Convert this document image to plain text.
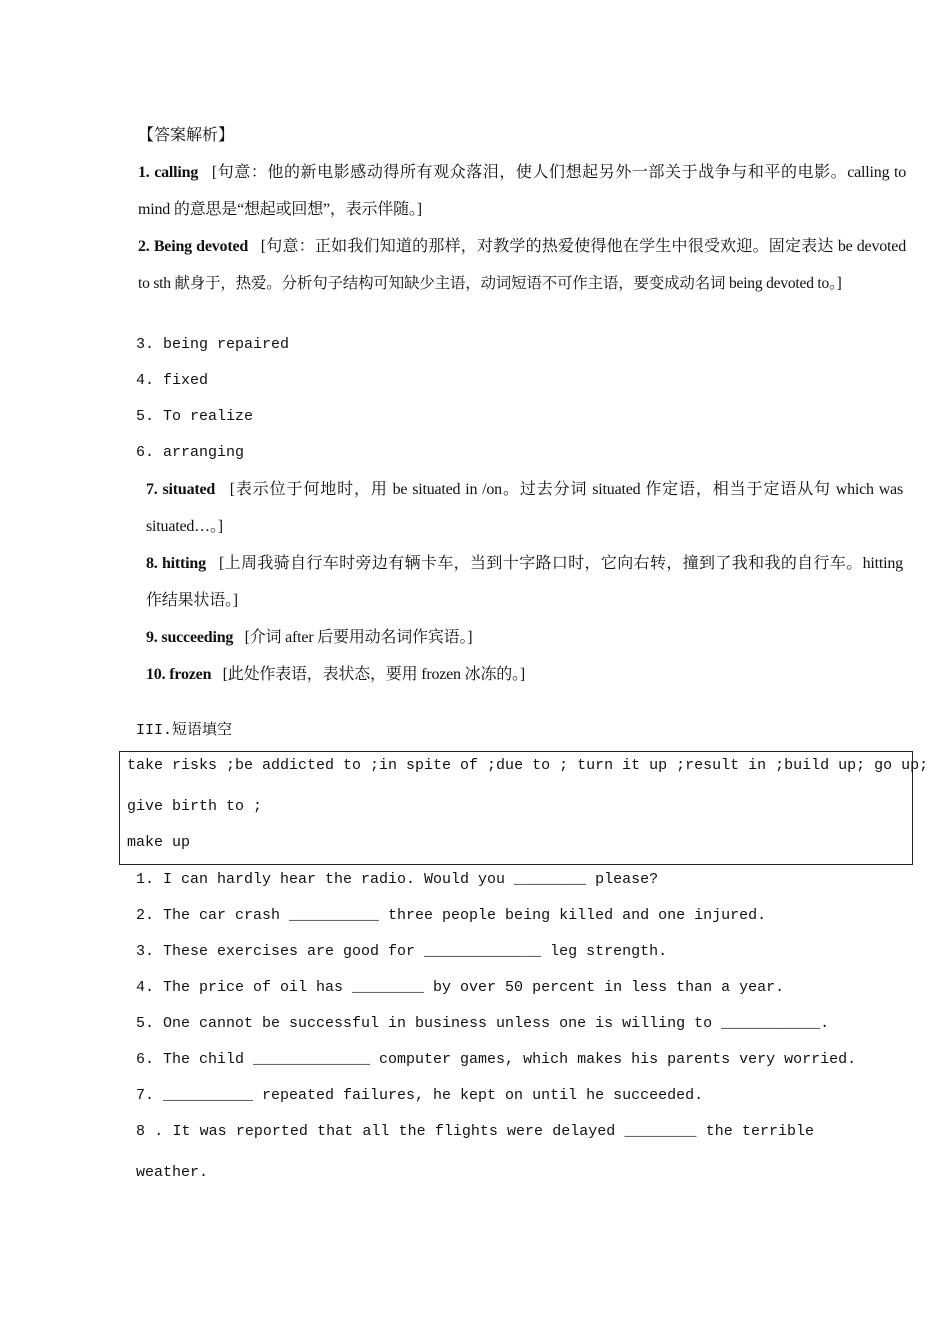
【答案解析】
1. calling [句意：他的新电影感动得所有观众落泪，使人们想起另外一部关于战争与和平的电影。calling to
mind 的意思是“想起或回想”，表示伴随。]
2. Being devoted [句意：正如我们知道的那样，对教学的热爱使得他在学生中很受欢迎。固定表达 be devoted
to sth 献身于，热爱。分析句子结构可知缺少主语，动词短语不可作主语，要变成动名词 being devoted to。]
3. being repaired
4. fixed
5. To realize
6. arranging
7. situated [表示位于何地时，用 be situated in /on。过去分词 situated 作定语，相当于定语从句 which was
situated…。]
8. hitting [上周我骑自行车时旁边有辆卡车，当到十字路口时，它向右转，撞到了我和我的自行车。hitting
作结果状语。]
9. succeeding [介词 after 后要用动名词作宾语。]
10. frozen [此处作表语，表状态，要用 frozen 冰冻的。]
III.短语填空
take risks ;be addicted to ;in spite of ;due to ; turn it up ;result in ;build up; go up;
give birth to ;
make up
1. I can hardly hear the radio. Would you ________ please?
2. The car crash __________ three people being killed and one injured.
3. These exercises are good for _____________ leg strength.
4. The price of oil has ________ by over 50 percent in less than a year.
5. One cannot be successful in business unless one is willing to ___________.
6. The child _____________ computer games, which makes his parents very worried.
7. __________ repeated failures, he kept on until he succeeded.
8 . It was reported that all the flights were delayed ________ the terrible
weather.
